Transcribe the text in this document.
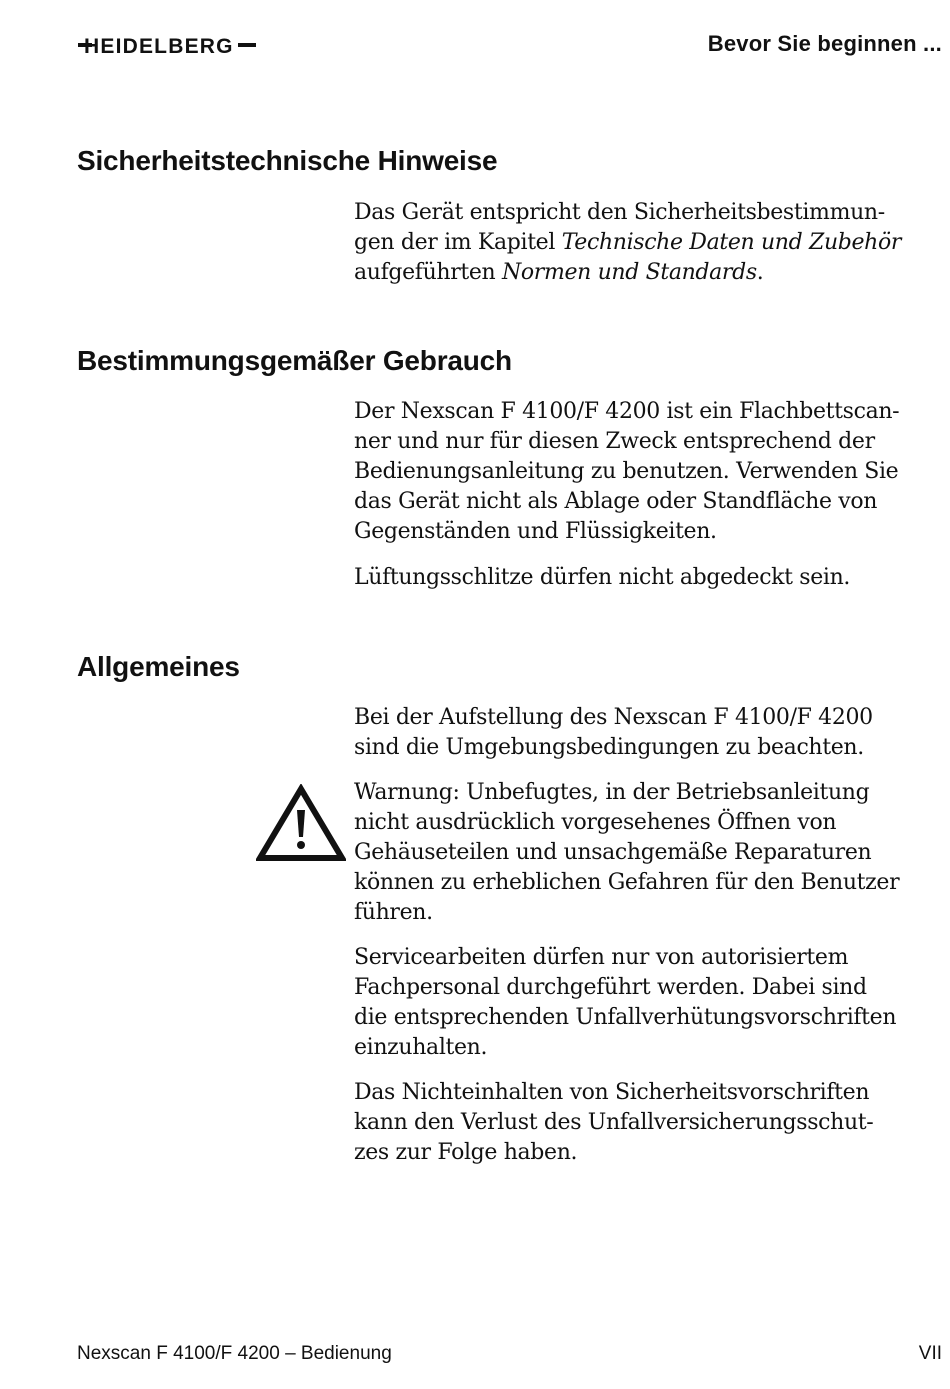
HEIDELBERG	Bevor Sie beginnen ...
Sicherheitstechnische Hinweise

Das Gerät entspricht den Sicherheitsbestimmun-
gen der im Kapitel Technische Daten und Zubehör
aufgeführten Normen und Standards.

Bestimmungsgemäßer Gebrauch

Der Nexscan F 4100/F 4200 ist ein Flachbettscan-
ner und nur für diesen Zweck entsprechend der
Bedienungsanleitung zu benutzen. Verwenden Sie
das Gerät nicht als Ablage oder Standfläche von
Gegenständen und Flüssigkeiten.

Lüftungsschlitze dürfen nicht abgedeckt sein.

Allgemeines

Bei der Aufstellung des Nexscan F 4100/F 4200
sind die Umgebungsbedingungen zu beachten.

Warnung: Unbefugtes, in der Betriebsanleitung
nicht ausdrücklich vorgesehenes Öffnen von
Gehäuseteilen und unsachgemäße Reparaturen
können zu erheblichen Gefahren für den Benutzer
führen.

Servicearbeiten dürfen nur von autorisiertem
Fachpersonal durchgeführt werden. Dabei sind
die entsprechenden Unfallverhütungsvorschriften
einzuhalten.

Das Nichteinhalten von Sicherheitsvorschriften
kann den Verlust des Unfallversicherungsschut-
zes zur Folge haben.

Nexscan F 4100/F 4200 – Bedienung	VII
